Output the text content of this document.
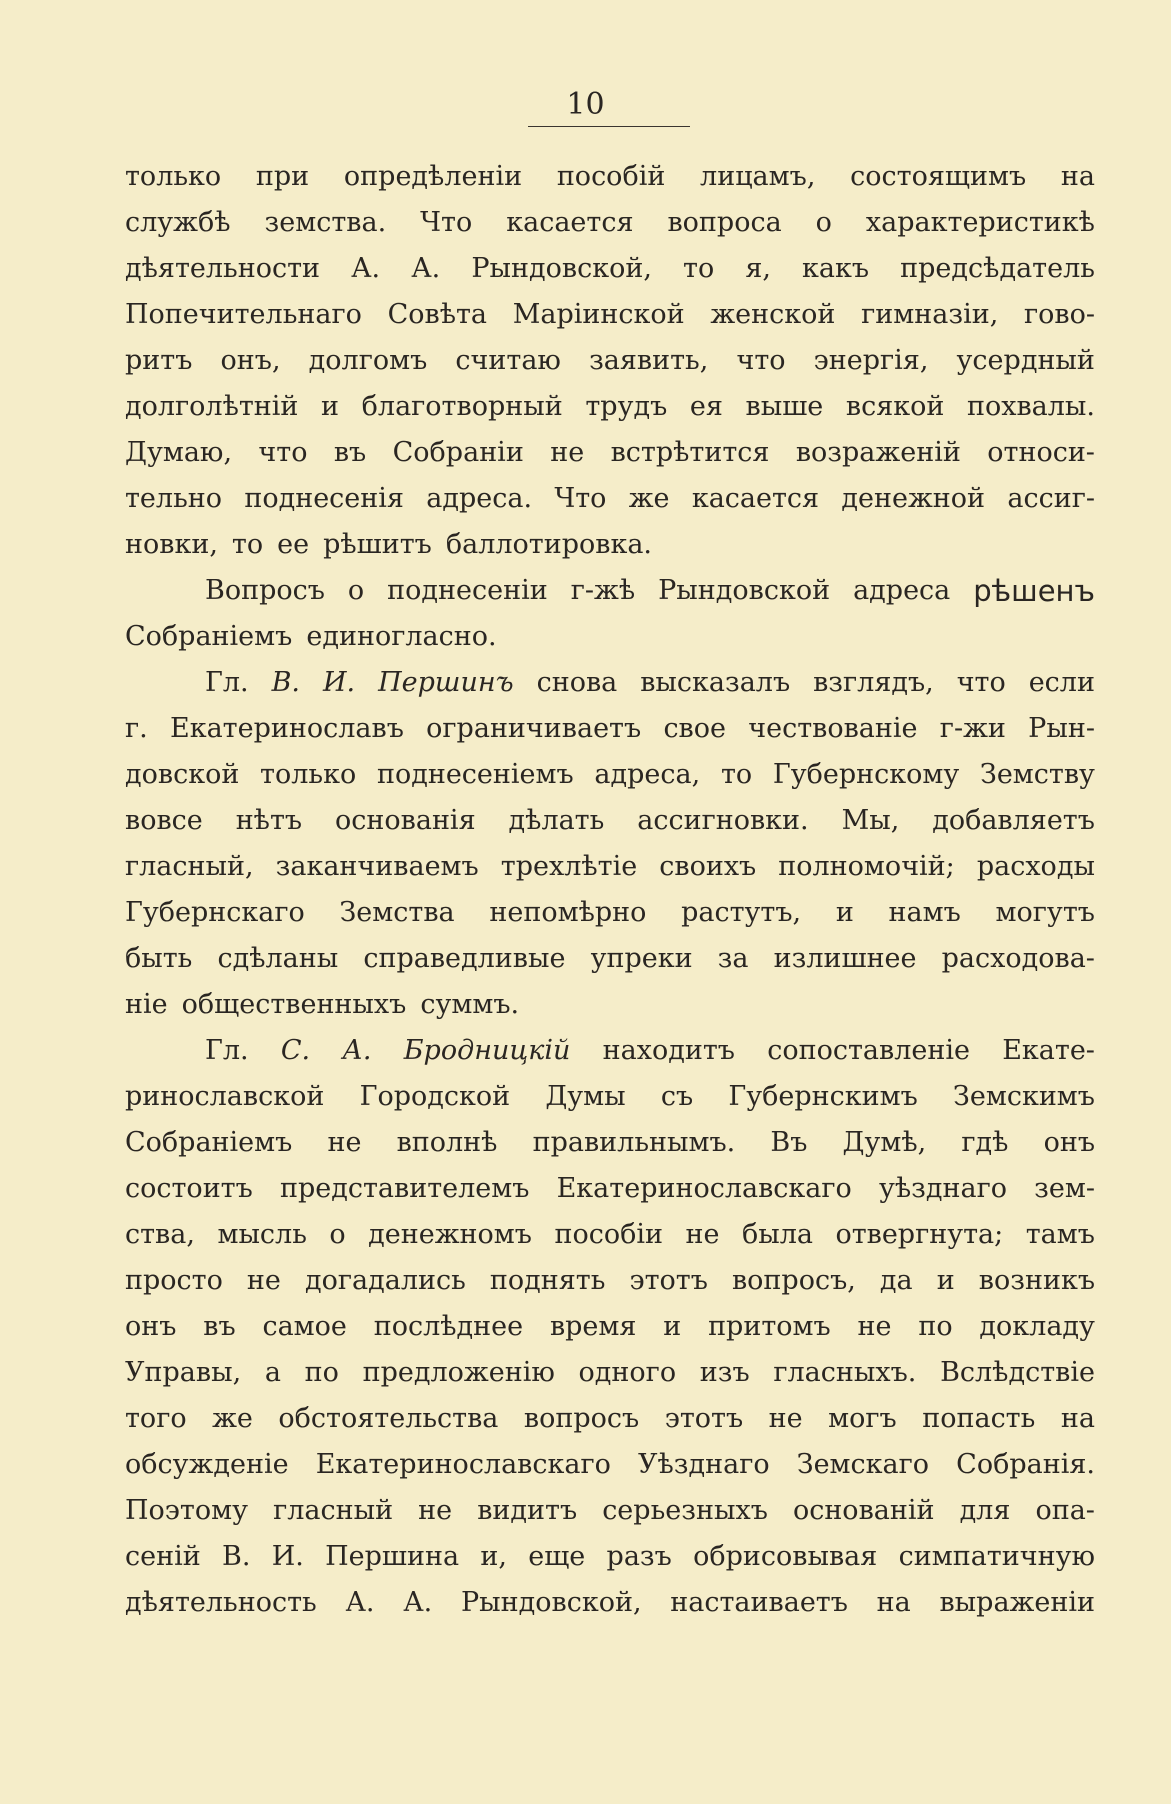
10
только при опредѣленіи пособій лицамъ, состоящимъ на
службѣ земства. Что касается вопроса о характеристикѣ
дѣятельности А. А. Рындовской, то я, какъ предсѣдатель
Попечительнаго Совѣта Маріинской женской гимназіи, гово-
ритъ онъ, долгомъ считаю заявить, что энергія, усердный
долголѣтній и благотворный трудъ ея выше всякой похвалы.
Думаю, что въ Собраніи не встрѣтится возраженій относи-
тельно поднесенія адреса. Что же касается денежной ассиг-
новки, то ее рѣшитъ баллотировка.
Вопросъ о поднесеніи г-жѣ Рындовской адреса рѣшенъ
Собраніемъ единогласно.
Гл. В. И. Першинъ снова высказалъ взглядъ, что если
г. Екатеринославъ ограничиваетъ свое чествованіе г-жи Рын-
довской только поднесеніемъ адреса, то Губернскому Земству
вовсе нѣтъ основанія дѣлать ассигновки. Мы, добавляетъ
гласный, заканчиваемъ трехлѣтіе своихъ полномочій; расходы
Губернскаго Земства непомѣрно растутъ, и намъ могутъ
быть сдѣланы справедливые упреки за излишнее расходова-
ніе общественныхъ суммъ.
Гл. С. А. Бродницкій находитъ сопоставленіе Екате-
ринославской Городской Думы съ Губернскимъ Земскимъ
Собраніемъ не вполнѣ правильнымъ. Въ Думѣ, гдѣ онъ
состоитъ представителемъ Екатеринославскаго уѣзднаго зем-
ства, мысль о денежномъ пособіи не была отвергнута; тамъ
просто не догадались поднять этотъ вопросъ, да и возникъ
онъ въ самое послѣднее время и притомъ не по докладу
Управы, а по предложенію одного изъ гласныхъ. Вслѣдствіе
того же обстоятельства вопросъ этотъ не могъ попасть на
обсужденіе Екатеринославскаго Уѣзднаго Земскаго Собранія.
Поэтому гласный не видитъ серьезныхъ основаній для опа-
сеній В. И. Першина и, еще разъ обрисовывая симпатичную
дѣятельность А. А. Рындовской, настаиваетъ на выраженіи
